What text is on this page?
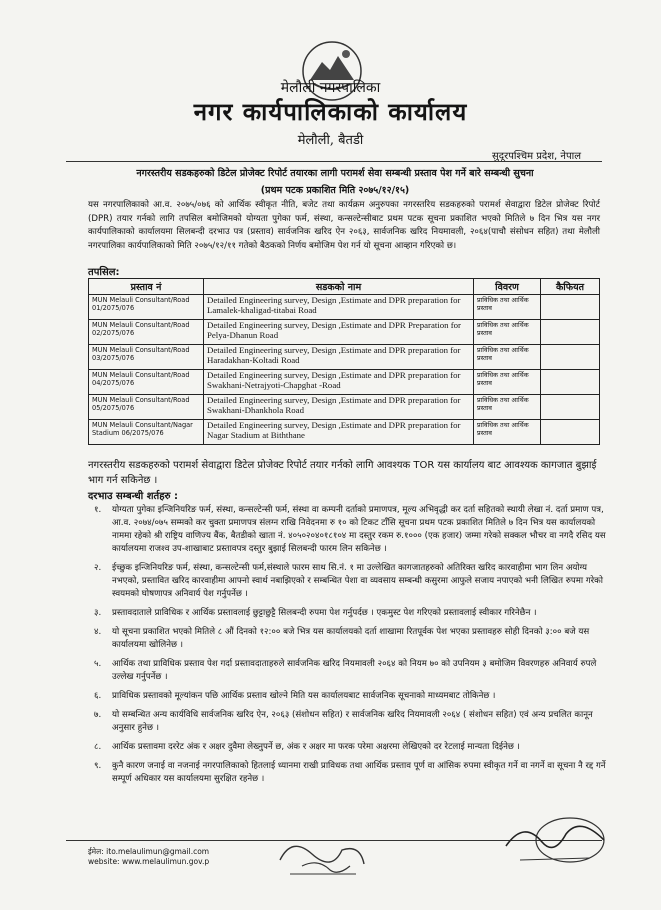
मेलौली नगरपालिका
नगर कार्यपालिकाको कार्यालय
मेलौली, बैतडी
सुदूरपश्चिम प्रदेश, नेपाल
नगरस्तरीय सडकहरुको डिटेल प्रोजेक्ट रिपोर्ट तयारका लागी परामर्श सेवा सम्बन्धी प्रस्ताव पेश गर्ने बारे सम्बन्धी सुचना
(प्रथम पटक प्रकाशित मिति २०७५/१२/१५)
यस नगरपालिकाको आ.व. २०७५/०७६ को आर्थिक स्वीकृत नीति, बजेट तथा कार्यक्रम अनुरुपका नगरस्तरिय सडकहरुको परामर्श सेवाद्वारा डिटेल प्रोजेक्ट रिपोर्ट (DPR) तयार गर्नको लागि तपसिल बमोजिमको योग्यता पुगेका फर्म, संस्था, कन्सल्टेन्सीबाट प्रथम पटक सूचना प्रकाशित भएको मितिले ७ दिन भित्र यस नगर कार्यपालिकाको कार्यालयमा सिलबन्दी दरभाउ पत्र (प्रस्ताव) सार्वजनिक खरिद ऐन २०६३, सार्वजनिक खरिद नियमावली, २०६४(पाचौ संसोधन सहित) तथा मेलौली नगरपालिका कार्यपालिकाको मिति २०७५/१२/११ गतेको बैठकको निर्णय बमोजिम पेश गर्न यो सूचना आव्हान गरिएको छ।
तपसिल:
प्रस्ताव नं	सडकको नाम	विवरण	कैफियत
MUN Melauli Consultant/Road 01/2075/076	Detailed Engineering survey, Design ,Estimate and DPR preparation for Lamalek-khaligad-titabai Road	प्राविधिक तथा आर्थिक प्रस्ताव	
MUN Melauli Consultant/Road 02/2075/076	Detailed Engineering survey, Design ,Estimate and DPR Preparation for Pelya-Dhanun Road	प्राविधिक तथा आर्थिक प्रस्ताव	
MUN Melauli Consultant/Road 03/2075/076	Detailed Engineering survey, Design ,Estimate and DPR preparation for Haradakhan-Koltadi Road	प्राविधिक तथा आर्थिक प्रस्ताव	
MUN Melauli Consultant/Road 04/2075/076	Detailed Engineering survey, Design ,Estimate and DPR preparation for Swakhani-Netrajyoti-Chapghat -Road	प्राविधिक तथा आर्थिक प्रस्ताव	
MUN Melauli Consultant/Road 05/2075/076	Detailed Engineering survey, Design ,Estimate and DPR preparation for Swakhani-Dhankhola Road	प्राविधिक तथा आर्थिक प्रस्ताव	
MUN Melauli Consultant/Nagar Stadium 06/2075/076	Detailed Engineering survey, Design ,Estimate and DPR preparation for Nagar Stadium at Biththane	प्राविधिक तथा आर्थिक प्रस्ताव	
नगरस्तरीय सडकहरुको परामर्श सेवाद्वारा डिटेल प्रोजेक्ट रिपोर्ट तयार गर्नको लागि आवश्यक TOR यस कार्यालय बाट आवश्यक कागजात बुझाई भाग गर्न सकिनेछ ।
दरभाउ सम्बन्धी शर्तहरु :
१. योग्यता पुगेका इन्जिनियरिङ फर्म, संस्था, कन्सल्टेन्सी फर्म, संस्था वा कम्पनी दर्ताको प्रमाणपत्र, मूल्य अभिवृद्धी कर दर्ता सहितको स्थायी लेखा नं. दर्ता प्रमाण पत्र, आ.व. २०७४/०७५ सम्मको कर चुक्ता प्रमाणपत्र संलग्न राखि निवेदनमा रु १० को टिकट टाँसि सूचना प्रथम पटक प्रकाशित मितिले ७ दिन भित्र यस कार्यालयको नाममा रहेको श्री राष्ट्रिय वाणिज्य बैंक, बैतडीको खाता नं. ४०५०२०४०१८१०४ मा दस्तुर रकम रु.१००० (एक हजार) जम्मा गरेको सक्कल भौचर वा नगदै रसिद यस कार्यालयमा राजश्व उप-शाखाबाट प्रस्तावपत्र दस्तुर बुझाई सिलबन्दी फारम लिन सकिनेछ ।
२. ईच्छुक इन्जिनियरिङ फर्म, संस्था, कन्सल्टेन्सी फर्म,संस्थाले फारम साथ सि.नं. १ मा उल्लेखित कागजातहरुको अतिरिक्त खरिद कारवाहीमा भाग लिन अयोग्य नभएको, प्रस्तावित खरिद कारवाहीमा आफ्नो स्वार्थ नबाझिएको र सम्बन्धित पेशा वा व्यवसाय सम्बन्धी कसुरमा आफुले सजाय नपाएको भनी लिखित रुपमा गरेको स्वयमको घोषणापत्र अनिवार्य पेश गर्नुपर्नेछ ।
३. प्रस्तावदाताले प्राविधिक र आर्थिक प्रस्तावलाई छुट्टाछुट्टै सिलबन्दी रुपमा पेश गर्नुपर्दछ । एकमुस्ट पेश गरिएको प्रस्तावलाई स्वीकार गरिनेछैन ।
४. यो सूचना प्रकाशित भएको मितिले ८ औं दिनको १२:०० बजे भित्र यस कार्यालयको दर्ता शाखामा रितपूर्वक पेश भएका प्रस्तावहरु सोही दिनको ३:०० बजे यस कार्यालयमा खोलिनेछ ।
५. आर्थिक तथा प्राविधिक प्रस्ताव पेश गर्दा प्रस्तावदाताहरुले सार्वजनिक खरिद नियमावली २०६४ को नियम ७० को उपनियम ३ बमोजिम विवरणहरु अनिवार्य रुपले उल्लेख गर्नुपर्नेछ ।
६. प्राविधिक प्रस्तावको मूल्यांकन पछि आर्थिक प्रस्ताव खोल्ने मिति यस कार्यालयबाट सार्वजनिक सूचनाको माध्यमबाट तोकिनेछ ।
७. यो सम्बन्धित अन्य कार्यविधि सार्वजनिक खरिद ऐन, २०६३ (संशोधन सहित) र सार्वजनिक खरिद नियमावली २०६४ ( संशोधन सहित) एवं अन्य प्रचलित कानून अनुसार हुनेछ ।
८. आर्थिक प्रस्तावमा दररेट अंक र अक्षर दुवैमा लेख्नुपर्ने छ, अंक र अक्षर मा फरक परेमा अक्षरमा लेखिएको दर रेटलाई मान्यता दिईनेछ ।
९. कुनै कारण जनाई वा नजनाई नगरपालिकाको हितलाई ध्यानमा राखी प्राविधक तथा आर्थिक प्रस्ताव पूर्ण वा आंसिक रुपमा स्वीकृत गर्ने वा नगर्ने वा सूचना नै रद्द गर्ने सम्पूर्ण अधिकार यस कार्यालयमा सुरक्षित रहनेछ ।
ईमेल: ito.melaulimun@gmail.com
website: www.melaulimun.gov.p
